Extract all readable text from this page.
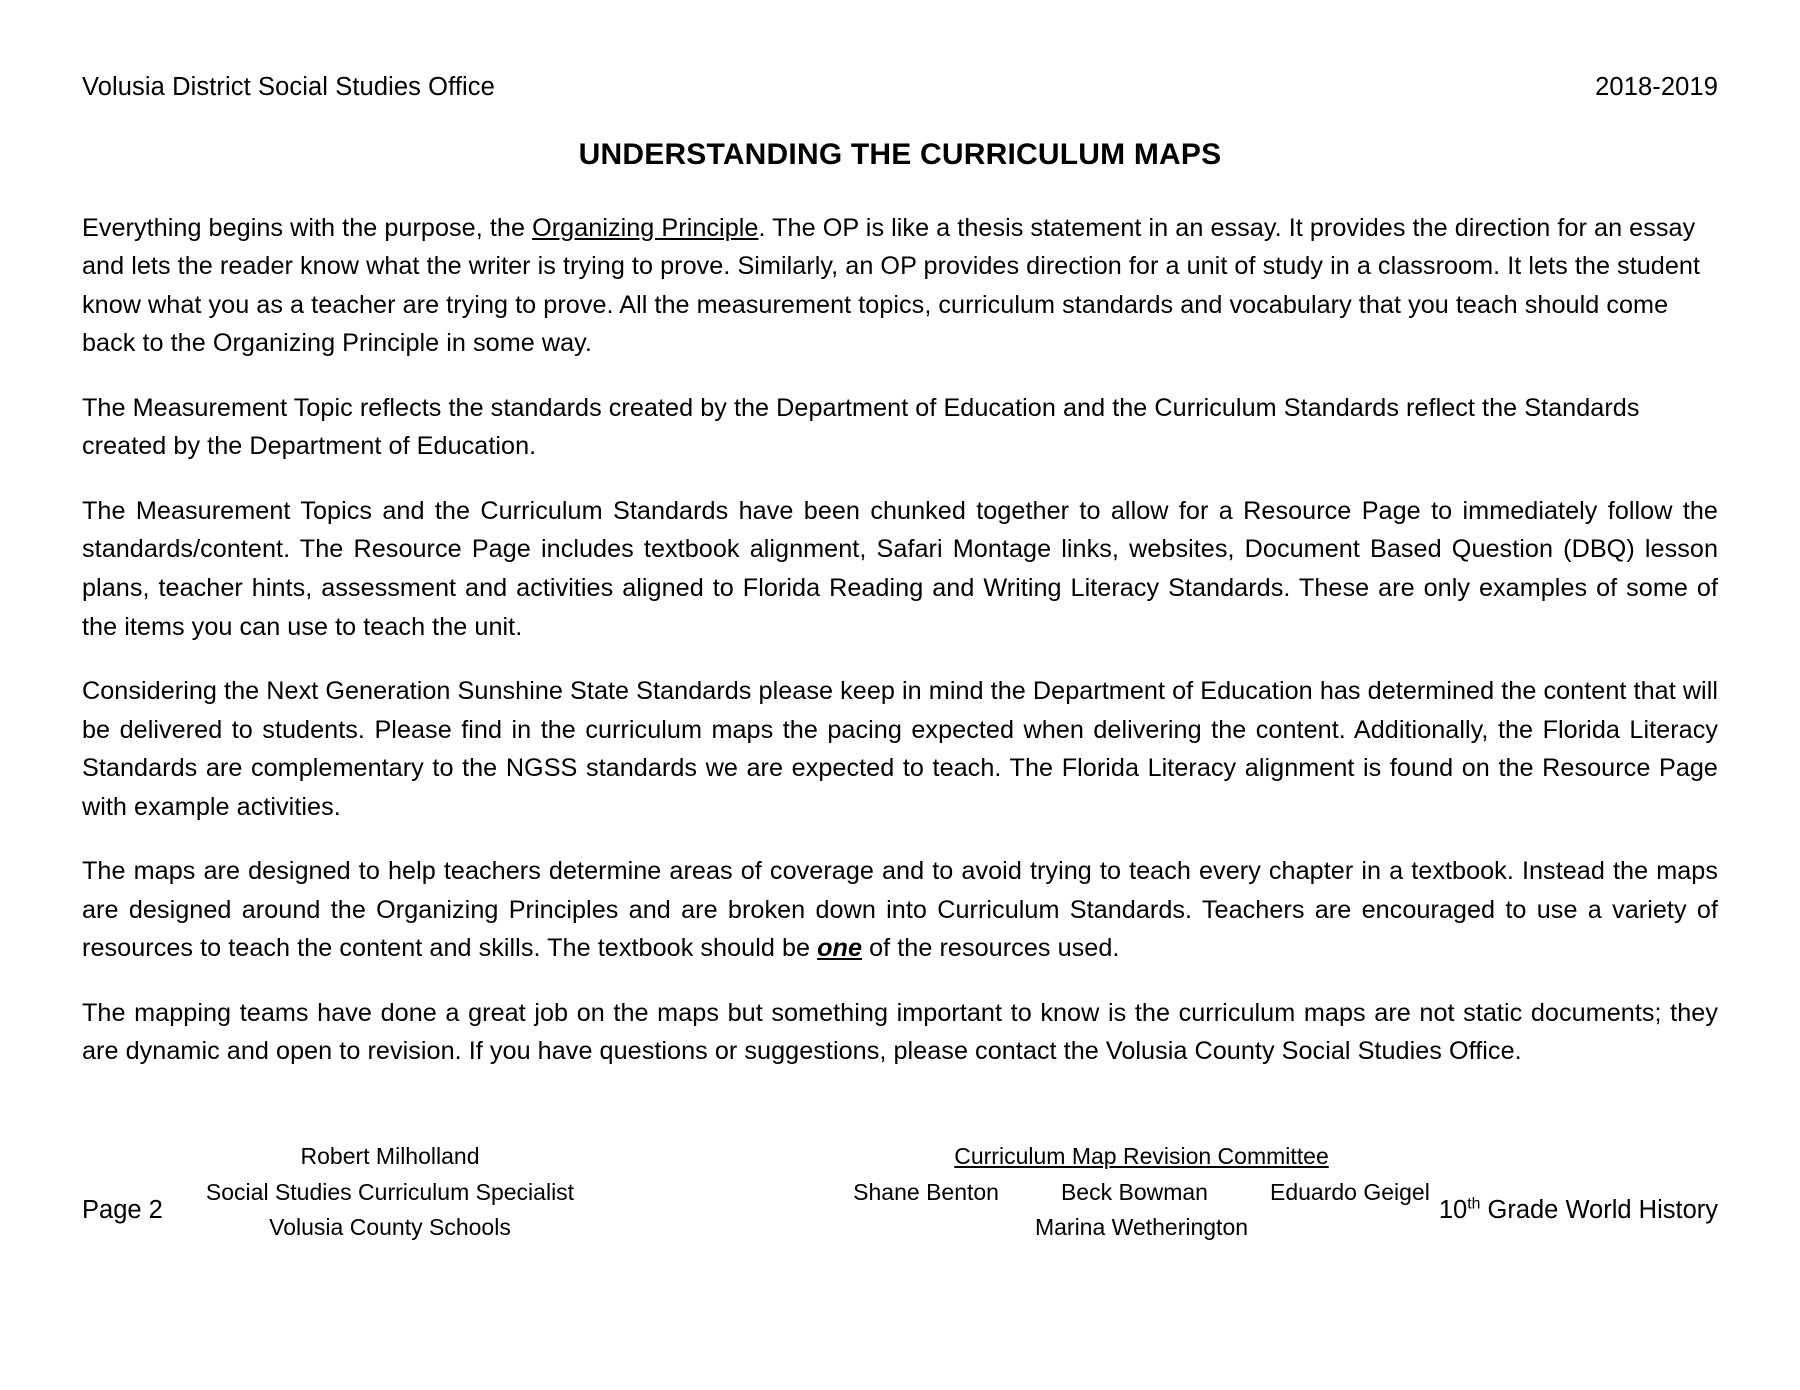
Volusia District Social Studies Office	2018-2019
UNDERSTANDING THE CURRICULUM MAPS

Everything begins with the purpose, the Organizing Principle. The OP is like a thesis statement in an essay. It provides the direction for an essay and lets the reader know what the writer is trying to prove. Similarly, an OP provides direction for a unit of study in a classroom. It lets the student know what you as a teacher are trying to prove. All the measurement topics, curriculum standards and vocabulary that you teach should come back to the Organizing Principle in some way.

The Measurement Topic reflects the standards created by the Department of Education and the Curriculum Standards reflect the Standards created by the Department of Education.

The Measurement Topics and the Curriculum Standards have been chunked together to allow for a Resource Page to immediately follow the standards/content. The Resource Page includes textbook alignment, Safari Montage links, websites, Document Based Question (DBQ) lesson plans, teacher hints, assessment and activities aligned to Florida Reading and Writing Literacy Standards. These are only examples of some of the items you can use to teach the unit.

Considering the Next Generation Sunshine State Standards please keep in mind the Department of Education has determined the content that will be delivered to students. Please find in the curriculum maps the pacing expected when delivering the content. Additionally, the Florida Literacy Standards are complementary to the NGSS standards we are expected to teach. The Florida Literacy alignment is found on the Resource Page with example activities.

The maps are designed to help teachers determine areas of coverage and to avoid trying to teach every chapter in a textbook. Instead the maps are designed around the Organizing Principles and are broken down into Curriculum Standards. Teachers are encouraged to use a variety of resources to teach the content and skills. The textbook should be one of the resources used.

The mapping teams have done a great job on the maps but something important to know is the curriculum maps are not static documents; they are dynamic and open to revision. If you have questions or suggestions, please contact the Volusia County Social Studies Office.

Robert Milholland
Social Studies Curriculum Specialist
Volusia County Schools
Curriculum Map Revision Committee
Shane Benton	Beck Bowman	Eduardo Geigel
Marina Wetherington
Page 2	10th Grade World History
